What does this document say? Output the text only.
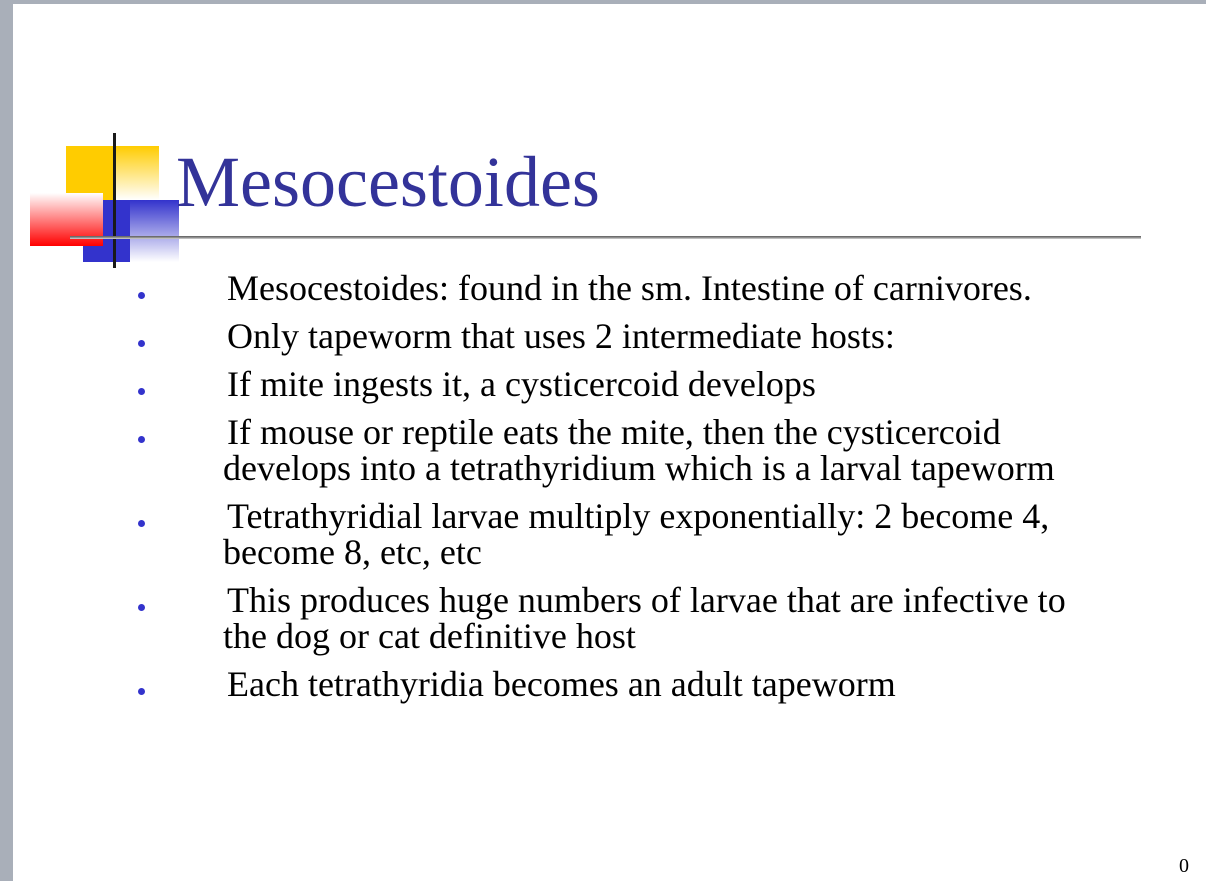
Mesocestoides
Mesocestoides: found in the sm. Intestine of carnivores.
Only tapeworm that uses 2 intermediate hosts:
If mite ingests it, a cysticercoid develops
If mouse or reptile eats the mite, then the cysticercoid
develops into a tetrathyridium which is a larval tapeworm
Tetrathyridial larvae multiply exponentially: 2 become 4,
become 8, etc, etc
This produces huge numbers of larvae that are infective to
the dog or cat definitive host
Each tetrathyridia becomes an adult tapeworm
0
